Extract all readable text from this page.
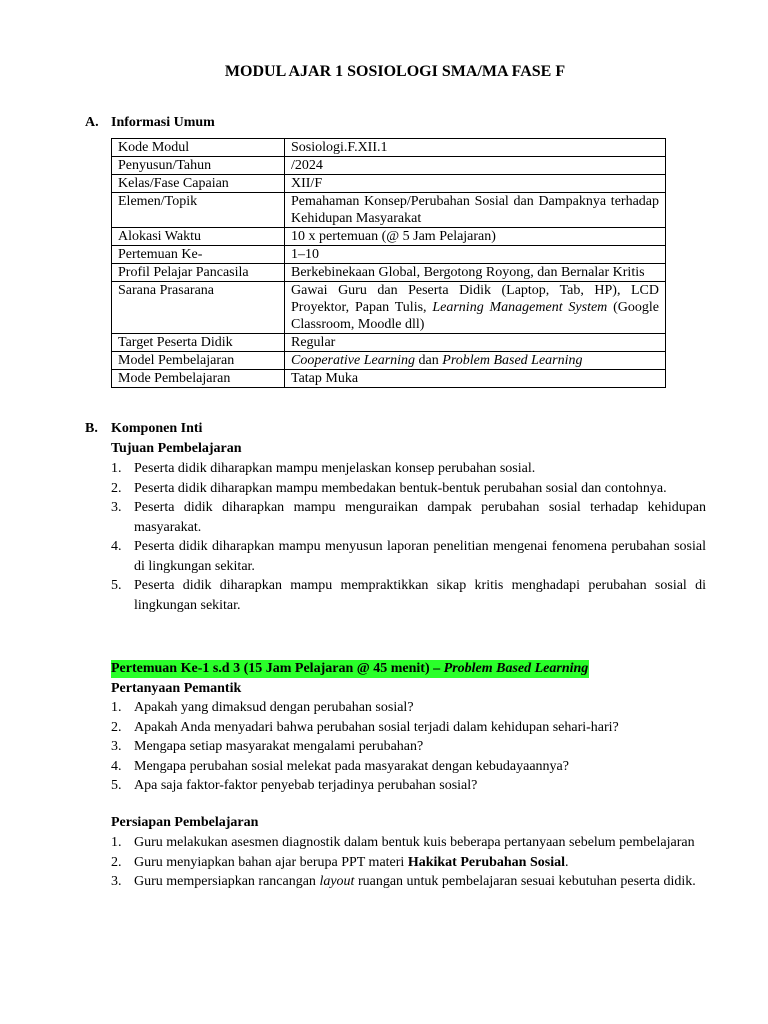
MODUL AJAR 1 SOSIOLOGI SMA/MA FASE F
A. Informasi Umum
Kode Modul	Sosiologi.F.XII.1
Penyusun/Tahun	/2024
Kelas/Fase Capaian	XII/F
Elemen/Topik	Pemahaman Konsep/Perubahan Sosial dan Dampaknya terhadap Kehidupan Masyarakat
Alokasi Waktu	10 x pertemuan (@ 5 Jam Pelajaran)
Pertemuan Ke-	1–10
Profil Pelajar Pancasila	Berkebinekaan Global, Bergotong Royong, dan Bernalar Kritis
Sarana Prasarana	Gawai Guru dan Peserta Didik (Laptop, Tab, HP), LCD Proyektor, Papan Tulis, Learning Management System (Google Classroom, Moodle dll)
Target Peserta Didik	Regular
Model Pembelajaran	Cooperative Learning dan Problem Based Learning
Mode Pembelajaran	Tatap Muka
B. Komponen Inti
Tujuan Pembelajaran
1. Peserta didik diharapkan mampu menjelaskan konsep perubahan sosial.
2. Peserta didik diharapkan mampu membedakan bentuk-bentuk perubahan sosial dan contohnya.
3. Peserta didik diharapkan mampu menguraikan dampak perubahan sosial terhadap kehidupan masyarakat.
4. Peserta didik diharapkan mampu menyusun laporan penelitian mengenai fenomena perubahan sosial di lingkungan sekitar.
5. Peserta didik diharapkan mampu mempraktikkan sikap kritis menghadapi perubahan sosial di lingkungan sekitar.
Pertemuan Ke-1 s.d 3 (15 Jam Pelajaran @ 45 menit) – Problem Based Learning
Pertanyaan Pemantik
1. Apakah yang dimaksud dengan perubahan sosial?
2. Apakah Anda menyadari bahwa perubahan sosial terjadi dalam kehidupan sehari-hari?
3. Mengapa setiap masyarakat mengalami perubahan?
4. Mengapa perubahan sosial melekat pada masyarakat dengan kebudayaannya?
5. Apa saja faktor-faktor penyebab terjadinya perubahan sosial?
Persiapan Pembelajaran
1. Guru melakukan asesmen diagnostik dalam bentuk kuis beberapa pertanyaan sebelum pembelajaran
2. Guru menyiapkan bahan ajar berupa PPT materi Hakikat Perubahan Sosial.
3. Guru mempersiapkan rancangan layout ruangan untuk pembelajaran sesuai kebutuhan peserta didik.
